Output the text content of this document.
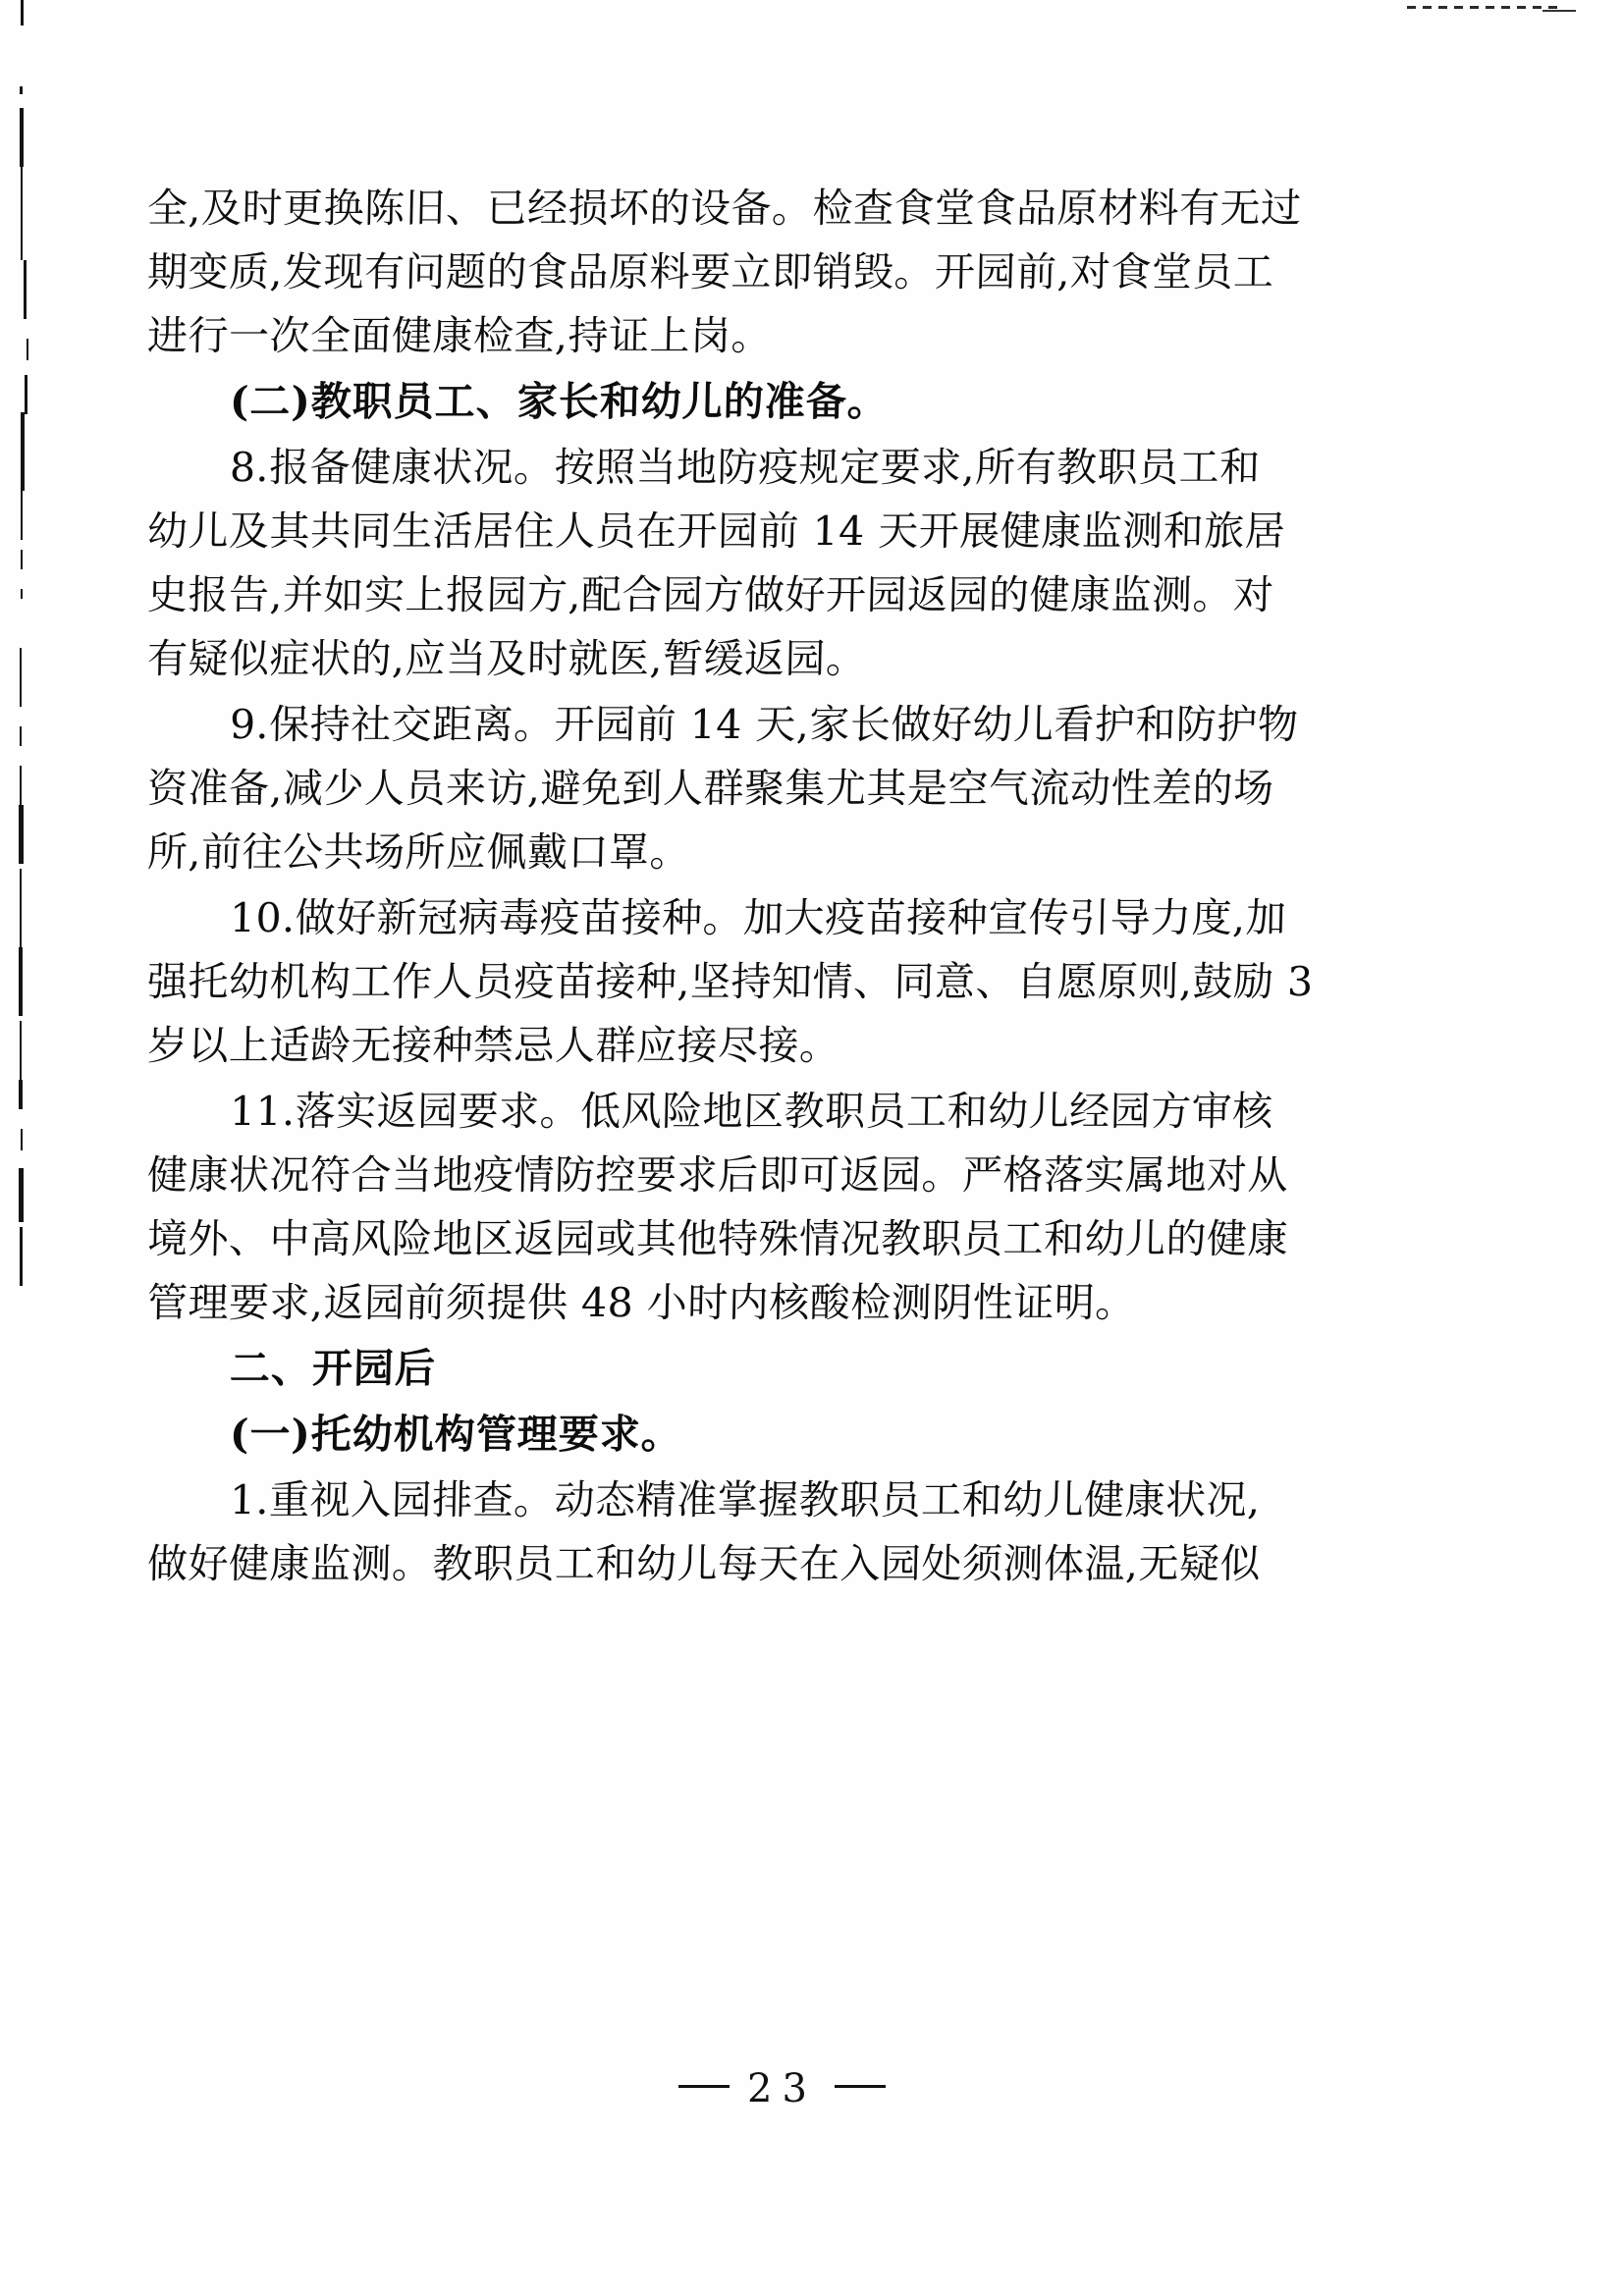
全,及时更换陈旧、已经损坏的设备。检查食堂食品原材料有无过
期变质,发现有问题的食品原料要立即销毁。开园前,对食堂员工
进行一次全面健康检查,持证上岗。
(二)教职员工、家长和幼儿的准备。
8.报备健康状况。按照当地防疫规定要求,所有教职员工和
幼儿及其共同生活居住人员在开园前 14 天开展健康监测和旅居
史报告,并如实上报园方,配合园方做好开园返园的健康监测。对
有疑似症状的,应当及时就医,暂缓返园。
9.保持社交距离。开园前 14 天,家长做好幼儿看护和防护物
资准备,减少人员来访,避免到人群聚集尤其是空气流动性差的场
所,前往公共场所应佩戴口罩。
10.做好新冠病毒疫苗接种。加大疫苗接种宣传引导力度,加
强托幼机构工作人员疫苗接种,坚持知情、同意、自愿原则,鼓励 3
岁以上适龄无接种禁忌人群应接尽接。
11.落实返园要求。低风险地区教职员工和幼儿经园方审核
健康状况符合当地疫情防控要求后即可返园。严格落实属地对从
境外、中高风险地区返园或其他特殊情况教职员工和幼儿的健康
管理要求,返园前须提供 48 小时内核酸检测阴性证明。
二、开园后
(一)托幼机构管理要求。
1.重视入园排查。动态精准掌握教职员工和幼儿健康状况,
做好健康监测。教职员工和幼儿每天在入园处须测体温,无疑似
23
